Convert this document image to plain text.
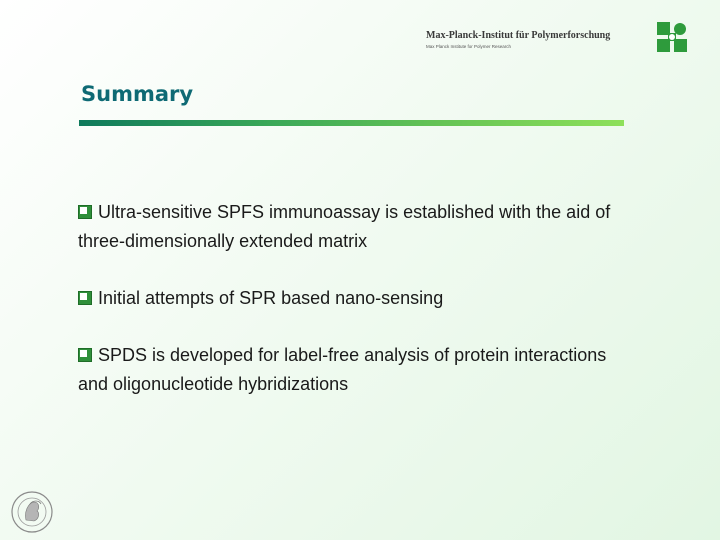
Max-Planck-Institut für Polymerforschung
Max Planck Institute for Polymer Research
Summary

Ultra-sensitive SPFS immunoassay is established with the aid of three-dimensionally extended matrix

Initial attempts of SPR based nano-sensing

SPDS is developed for label-free analysis of protein interactions and oligonucleotide hybridizations
